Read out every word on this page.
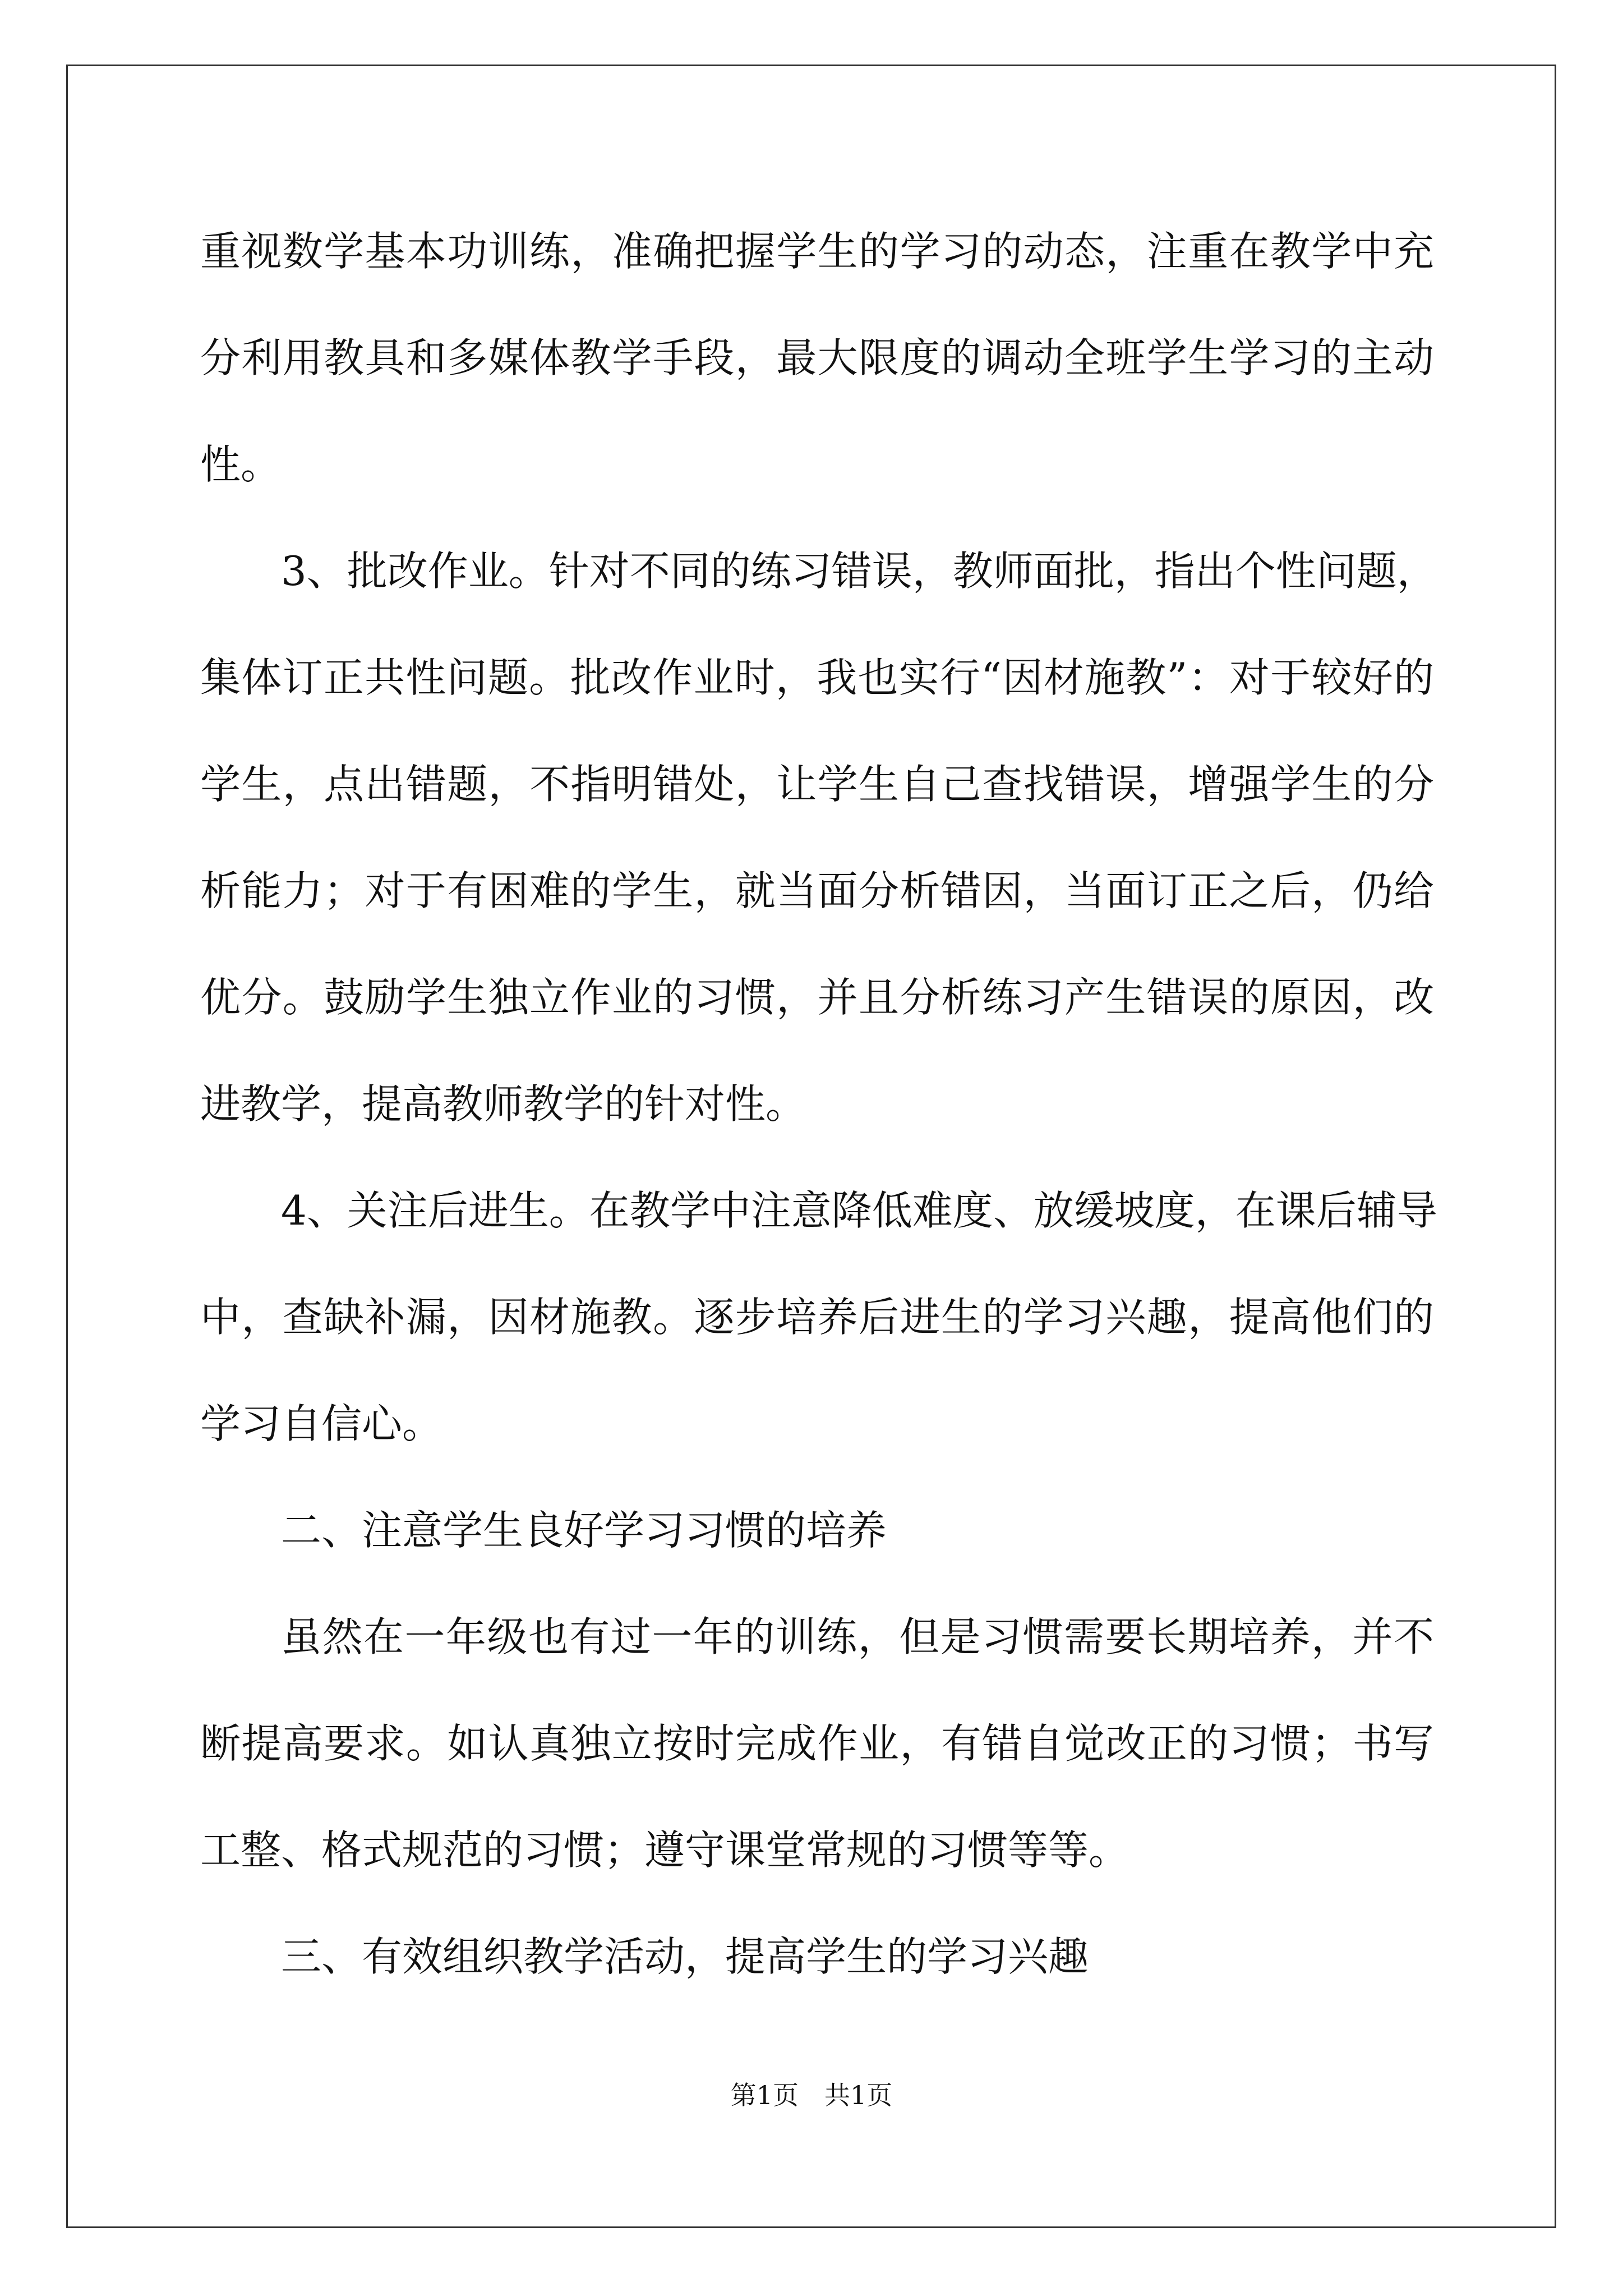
重视数学基本功训练，准确把握学生的学习的动态，注重在教学中充
分利用教具和多媒体教学手段，最大限度的调动全班学生学习的主动
性。
3、批改作业。针对不同的练习错误，教师面批，指出个性问题，
集体订正共性问题。批改作业时，我也实行“因材施教”：对于较好的
学生，点出错题，不指明错处，让学生自己查找错误，增强学生的分
析能力；对于有困难的学生，就当面分析错因，当面订正之后，仍给
优分。鼓励学生独立作业的习惯，并且分析练习产生错误的原因，改
进教学，提高教师教学的针对性。
4、关注后进生。在教学中注意降低难度、放缓坡度，在课后辅导
中，查缺补漏，因材施教。逐步培养后进生的学习兴趣，提高他们的
学习自信心。
二、注意学生良好学习习惯的培养
虽然在一年级也有过一年的训练，但是习惯需要长期培养，并不
断提高要求。如认真独立按时完成作业，有错自觉改正的习惯；书写
工整、格式规范的习惯；遵守课堂常规的习惯等等。
三、有效组织教学活动，提高学生的学习兴趣
第1页 共1页
